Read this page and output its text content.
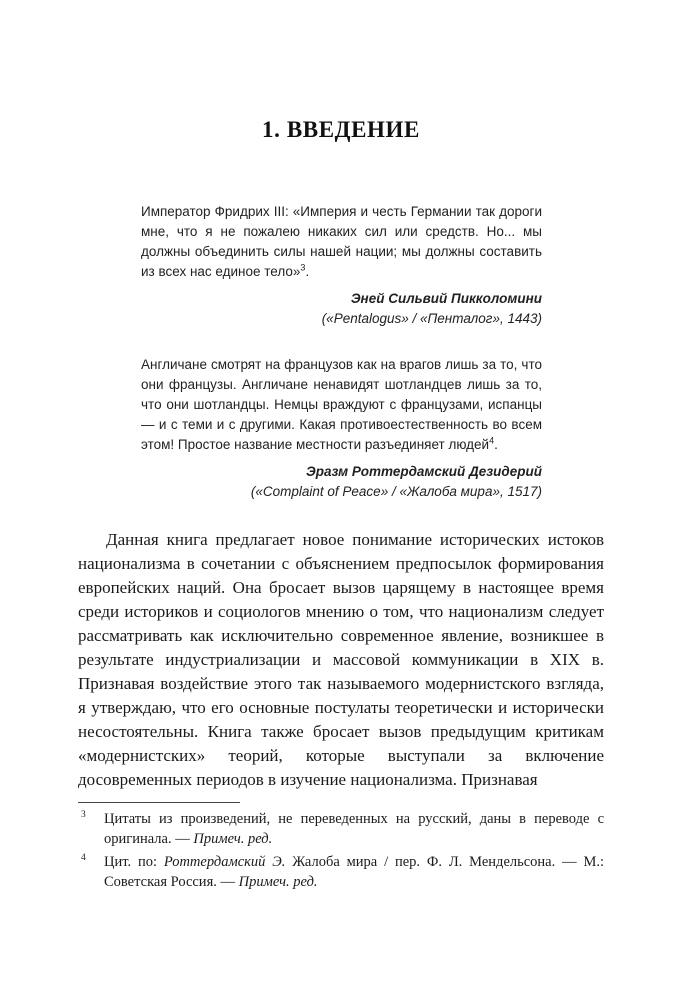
1. ВВЕДЕНИЕ

Император Фридрих III: «Империя и честь Германии так дороги мне, что я не пожалею никаких сил или средств. Но... мы должны объединить силы нашей нации; мы должны составить из всех нас единое тело»$^3$.

Эней Сильвий Пикколомини
(«Pentalogus» / «Пенталог», 1443)

Англичане смотрят на французов как на врагов лишь за то, что они французы. Англичане ненавидят шотландцев лишь за то, что они шотландцы. Немцы враждуют с французами, испанцы — и с теми и с другими. Какая противоестественность во всем этом! Простое название местности разъединяет людей$^4$.

Эразм Роттердамский Дезидерий
(«Complaint of Peace» / «Жалоба мира», 1517)

Данная книга предлагает новое понимание исторических истоков национализма в сочетании с объяснением предпосылок формирования европейских наций. Она бросает вызов царящему в настоящее время среди историков и социологов мнению о том, что национализм следует рассматривать как исключительно современное явление, возникшее в результате индустриализации и массовой коммуникации в XIX в. Признавая воздействие этого так называемого модернистского взгляда, я утверждаю, что его основные постулаты теоретически и исторически несостоятельны. Книга также бросает вызов предыдущим критикам «модернистских» теорий, которые выступали за включение досовременных периодов в изучение национализма. Признавая

3	Цитаты из произведений, не переведенных на русский, даны в переводе с оригинала. — Примеч. ред.
4	Цит. по: Роттердамский Э. Жалоба мира / пер. Ф. Л. Мендельсона. — М.: Советская Россия. — Примеч. ред.
